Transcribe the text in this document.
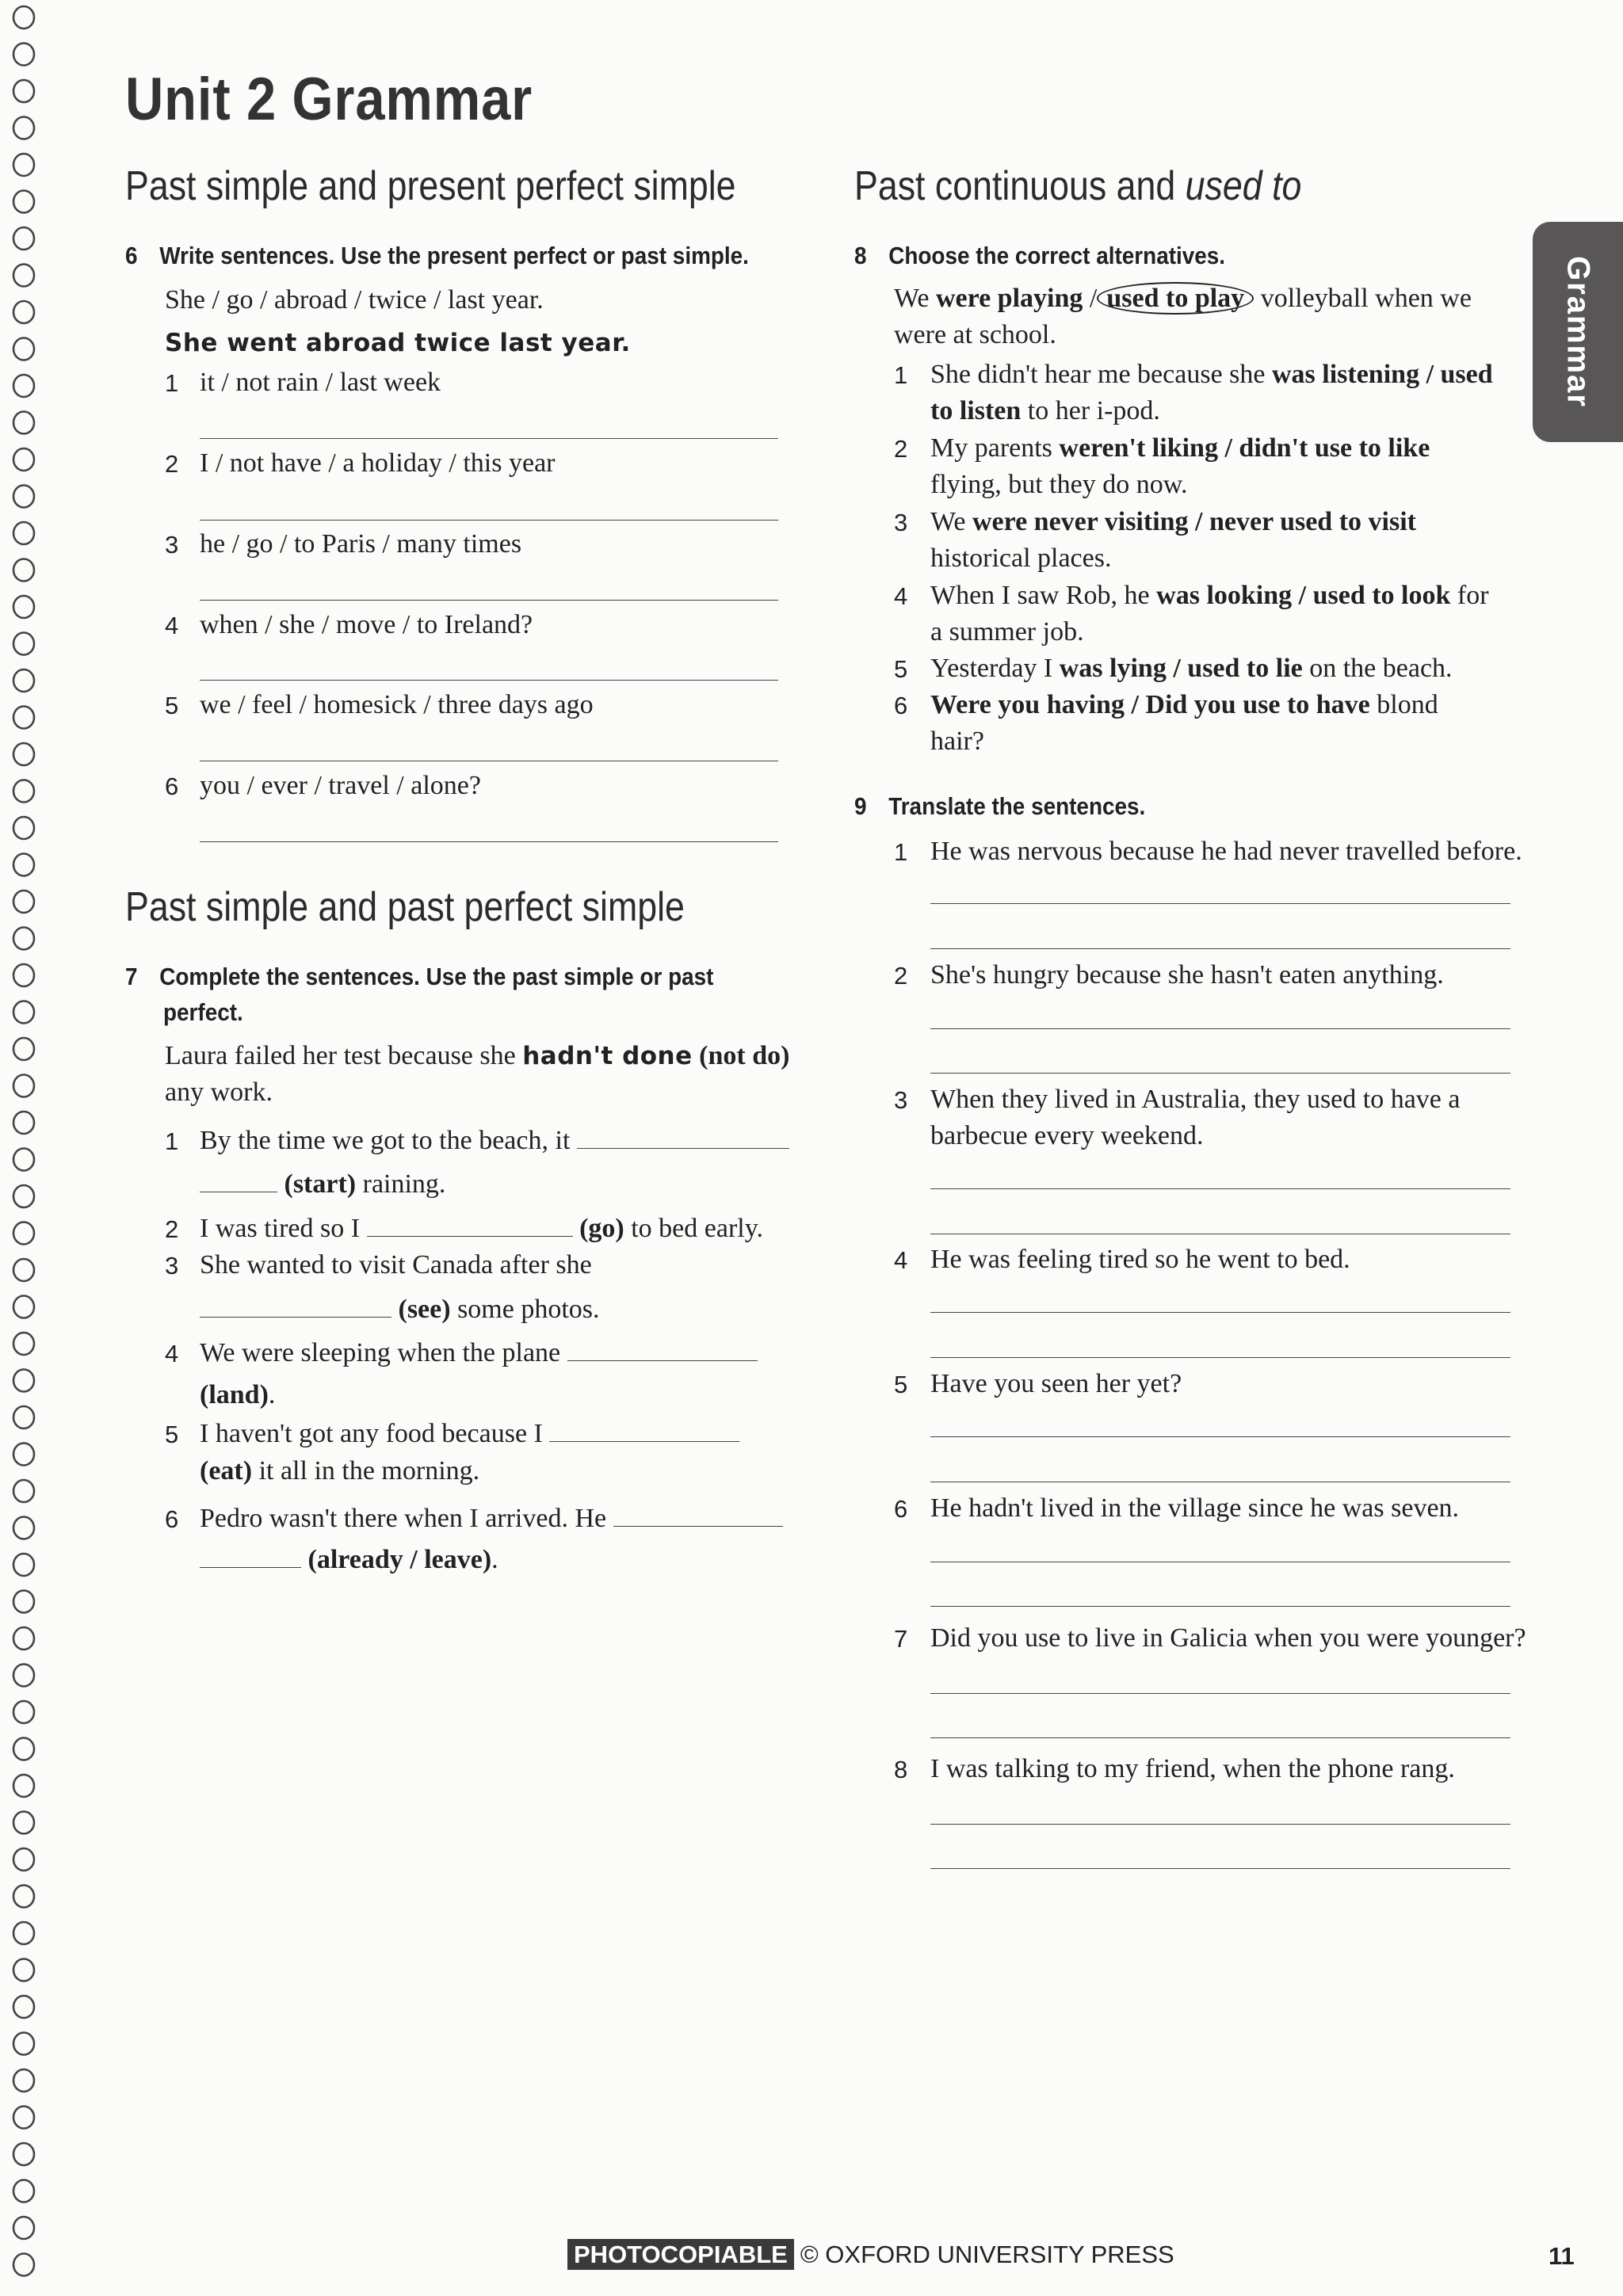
Unit 2 Grammar
Grammar
Past simple and present perfect simple
6 Write sentences. Use the present perfect or past simple.
She / go / abroad / twice / last year.
She went abroad twice last year.
1 it / not rain / last week
2 I / not have / a holiday / this year
3 he / go / to Paris / many times
4 when / she / move / to Ireland?
5 we / feel / homesick / three days ago
6 you / ever / travel / alone?
Past simple and past perfect simple
7 Complete the sentences. Use the past simple or past
perfect.
Laura failed her test because she hadn't done (not do)
any work.
1 By the time we got to the beach, it
(start) raining.
2 I was tired so I	(go) to bed early.
3 She wanted to visit Canada after she
(see) some photos.
4 We were sleeping when the plane
(land).
5 I haven't got any food because I
(eat) it all in the morning.
6 Pedro wasn't there when I arrived. He
(already / leave).
Past continuous and used to
8 Choose the correct alternatives.
We were playing / used to play volleyball when we
were at school.
1 She didn't hear me because she was listening / used
to listen to her i-pod.
2 My parents weren't liking / didn't use to like
flying, but they do now.
3 We were never visiting / never used to visit
historical places.
4 When I saw Rob, he was looking / used to look for
a summer job.
5 Yesterday I was lying / used to lie on the beach.
6 Were you having / Did you use to have blond
hair?
9 Translate the sentences.
1 He was nervous because he had never travelled before.
2 She's hungry because she hasn't eaten anything.
3 When they lived in Australia, they used to have a
barbecue every weekend.
4 He was feeling tired so he went to bed.
5 Have you seen her yet?
6 He hadn't lived in the village since he was seven.
7 Did you use to live in Galicia when you were younger?
8 I was talking to my friend, when the phone rang.
PHOTOCOPIABLE © OXFORD UNIVERSITY PRESS	11
